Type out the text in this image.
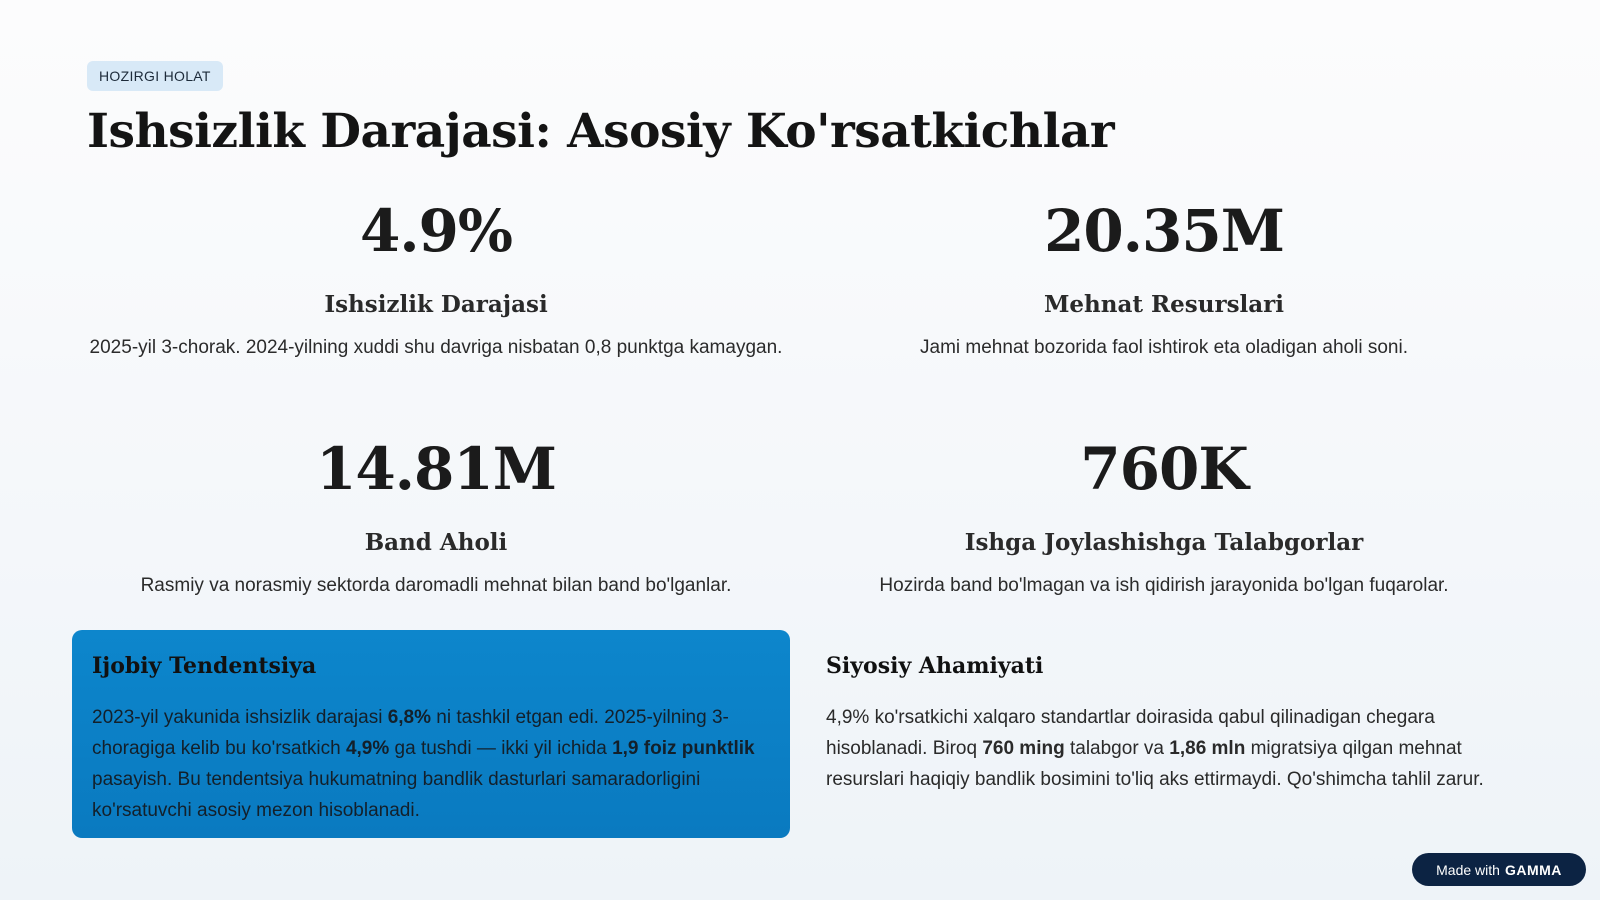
HOZIRGI HOLAT
Ishsizlik Darajasi: Asosiy Ko'rsatkichlar
4.9%
Ishsizlik Darajasi
2025-yil 3-chorak. 2024-yilning xuddi shu davriga nisbatan 0,8 punktga kamaygan.
20.35M
Mehnat Resurslari
Jami mehnat bozorida faol ishtirok eta oladigan aholi soni.
14.81M
Band Aholi
Rasmiy va norasmiy sektorda daromadli mehnat bilan band bo'lganlar.
760K
Ishga Joylashishga Talabgorlar
Hozirda band bo'lmagan va ish qidirish jarayonida bo'lgan fuqarolar.
Ijobiy Tendentsiya
2023-yil yakunida ishsizlik darajasi 6,8% ni tashkil etgan edi. 2025-yilning 3-choragiga kelib bu ko'rsatkich 4,9% ga tushdi — ikki yil ichida 1,9 foiz punktlik pasayish. Bu tendentsiya hukumatning bandlik dasturlari samaradorligini ko'rsatuvchi asosiy mezon hisoblanadi.
Siyosiy Ahamiyati
4,9% ko'rsatkichi xalqaro standartlar doirasida qabul qilinadigan chegara hisoblanadi. Biroq 760 ming talabgor va 1,86 mln migratsiya qilgan mehnat resurslari haqiqiy bandlik bosimini to'liq aks ettirmaydi. Qo'shimcha tahlil zarur.
Made with GAMMA
